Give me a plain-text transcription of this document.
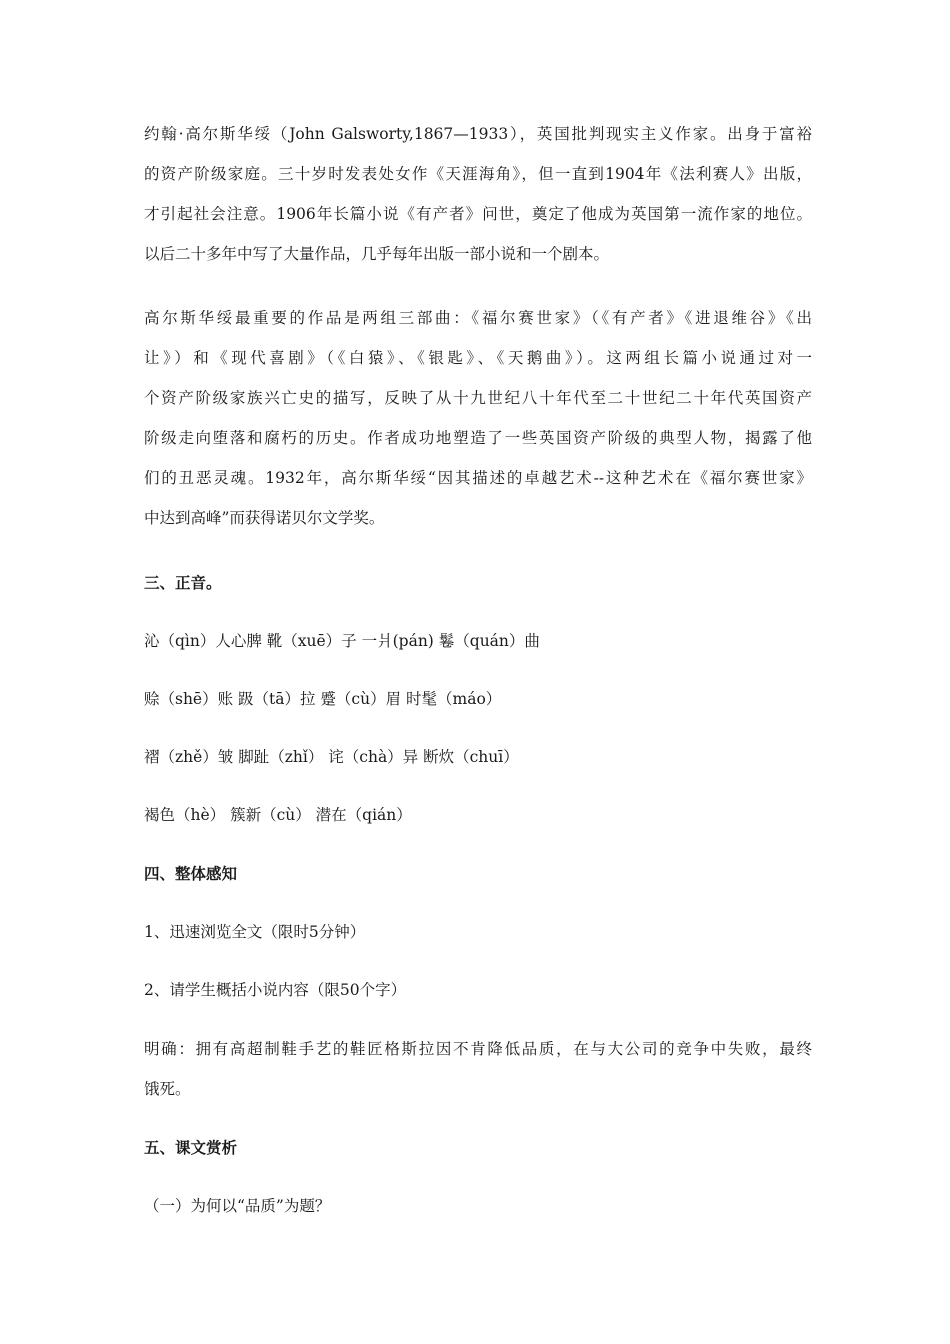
约翰·高尔斯华绥（John Galsworty,1867—1933），英国批判现实主义作家。出身于富裕
的资产阶级家庭。三十岁时发表处女作《天涯海角》，但一直到1904年《法利赛人》出版，
才引起社会注意。1906年长篇小说《有产者》问世，奠定了他成为英国第一流作家的地位。
以后二十多年中写了大量作品，几乎每年出版一部小说和一个剧本。
高尔斯华绥最重要的作品是两组三部曲：《福尔赛世家》（《有产者》《进退维谷》《出
让》）和《现代喜剧》（《白猿》、《银匙》、《天鹅曲》）。这两组长篇小说通过对一
个资产阶级家族兴亡史的描写，反映了从十九世纪八十年代至二十世纪二十年代英国资产
阶级走向堕落和腐朽的历史。作者成功地塑造了一些英国资产阶级的典型人物，揭露了他
们的丑恶灵魂。1932年，高尔斯华绥“因其描述的卓越艺术--这种艺术在《福尔赛世家》
中达到高峰”而获得诺贝尔文学奖。
三、正音。
沁（qìn）人心脾 靴（xuē）子 一爿(pán) 鬈（quán）曲
赊（shē）账 趿（tā）拉 蹙（cù）眉 时髦（máo）
褶（zhě）皱 脚趾（zhǐ） 诧（chà）异 断炊（chuī）
褐色（hè） 簇新（cù） 潜在（qián）
四、整体感知
1、迅速浏览全文（限时5分钟）
2、请学生概括小说内容（限50个字）
明确：拥有高超制鞋手艺的鞋匠格斯拉因不肯降低品质，在与大公司的竞争中失败，最终
饿死。
五、课文赏析
（一）为何以“品质”为题？
